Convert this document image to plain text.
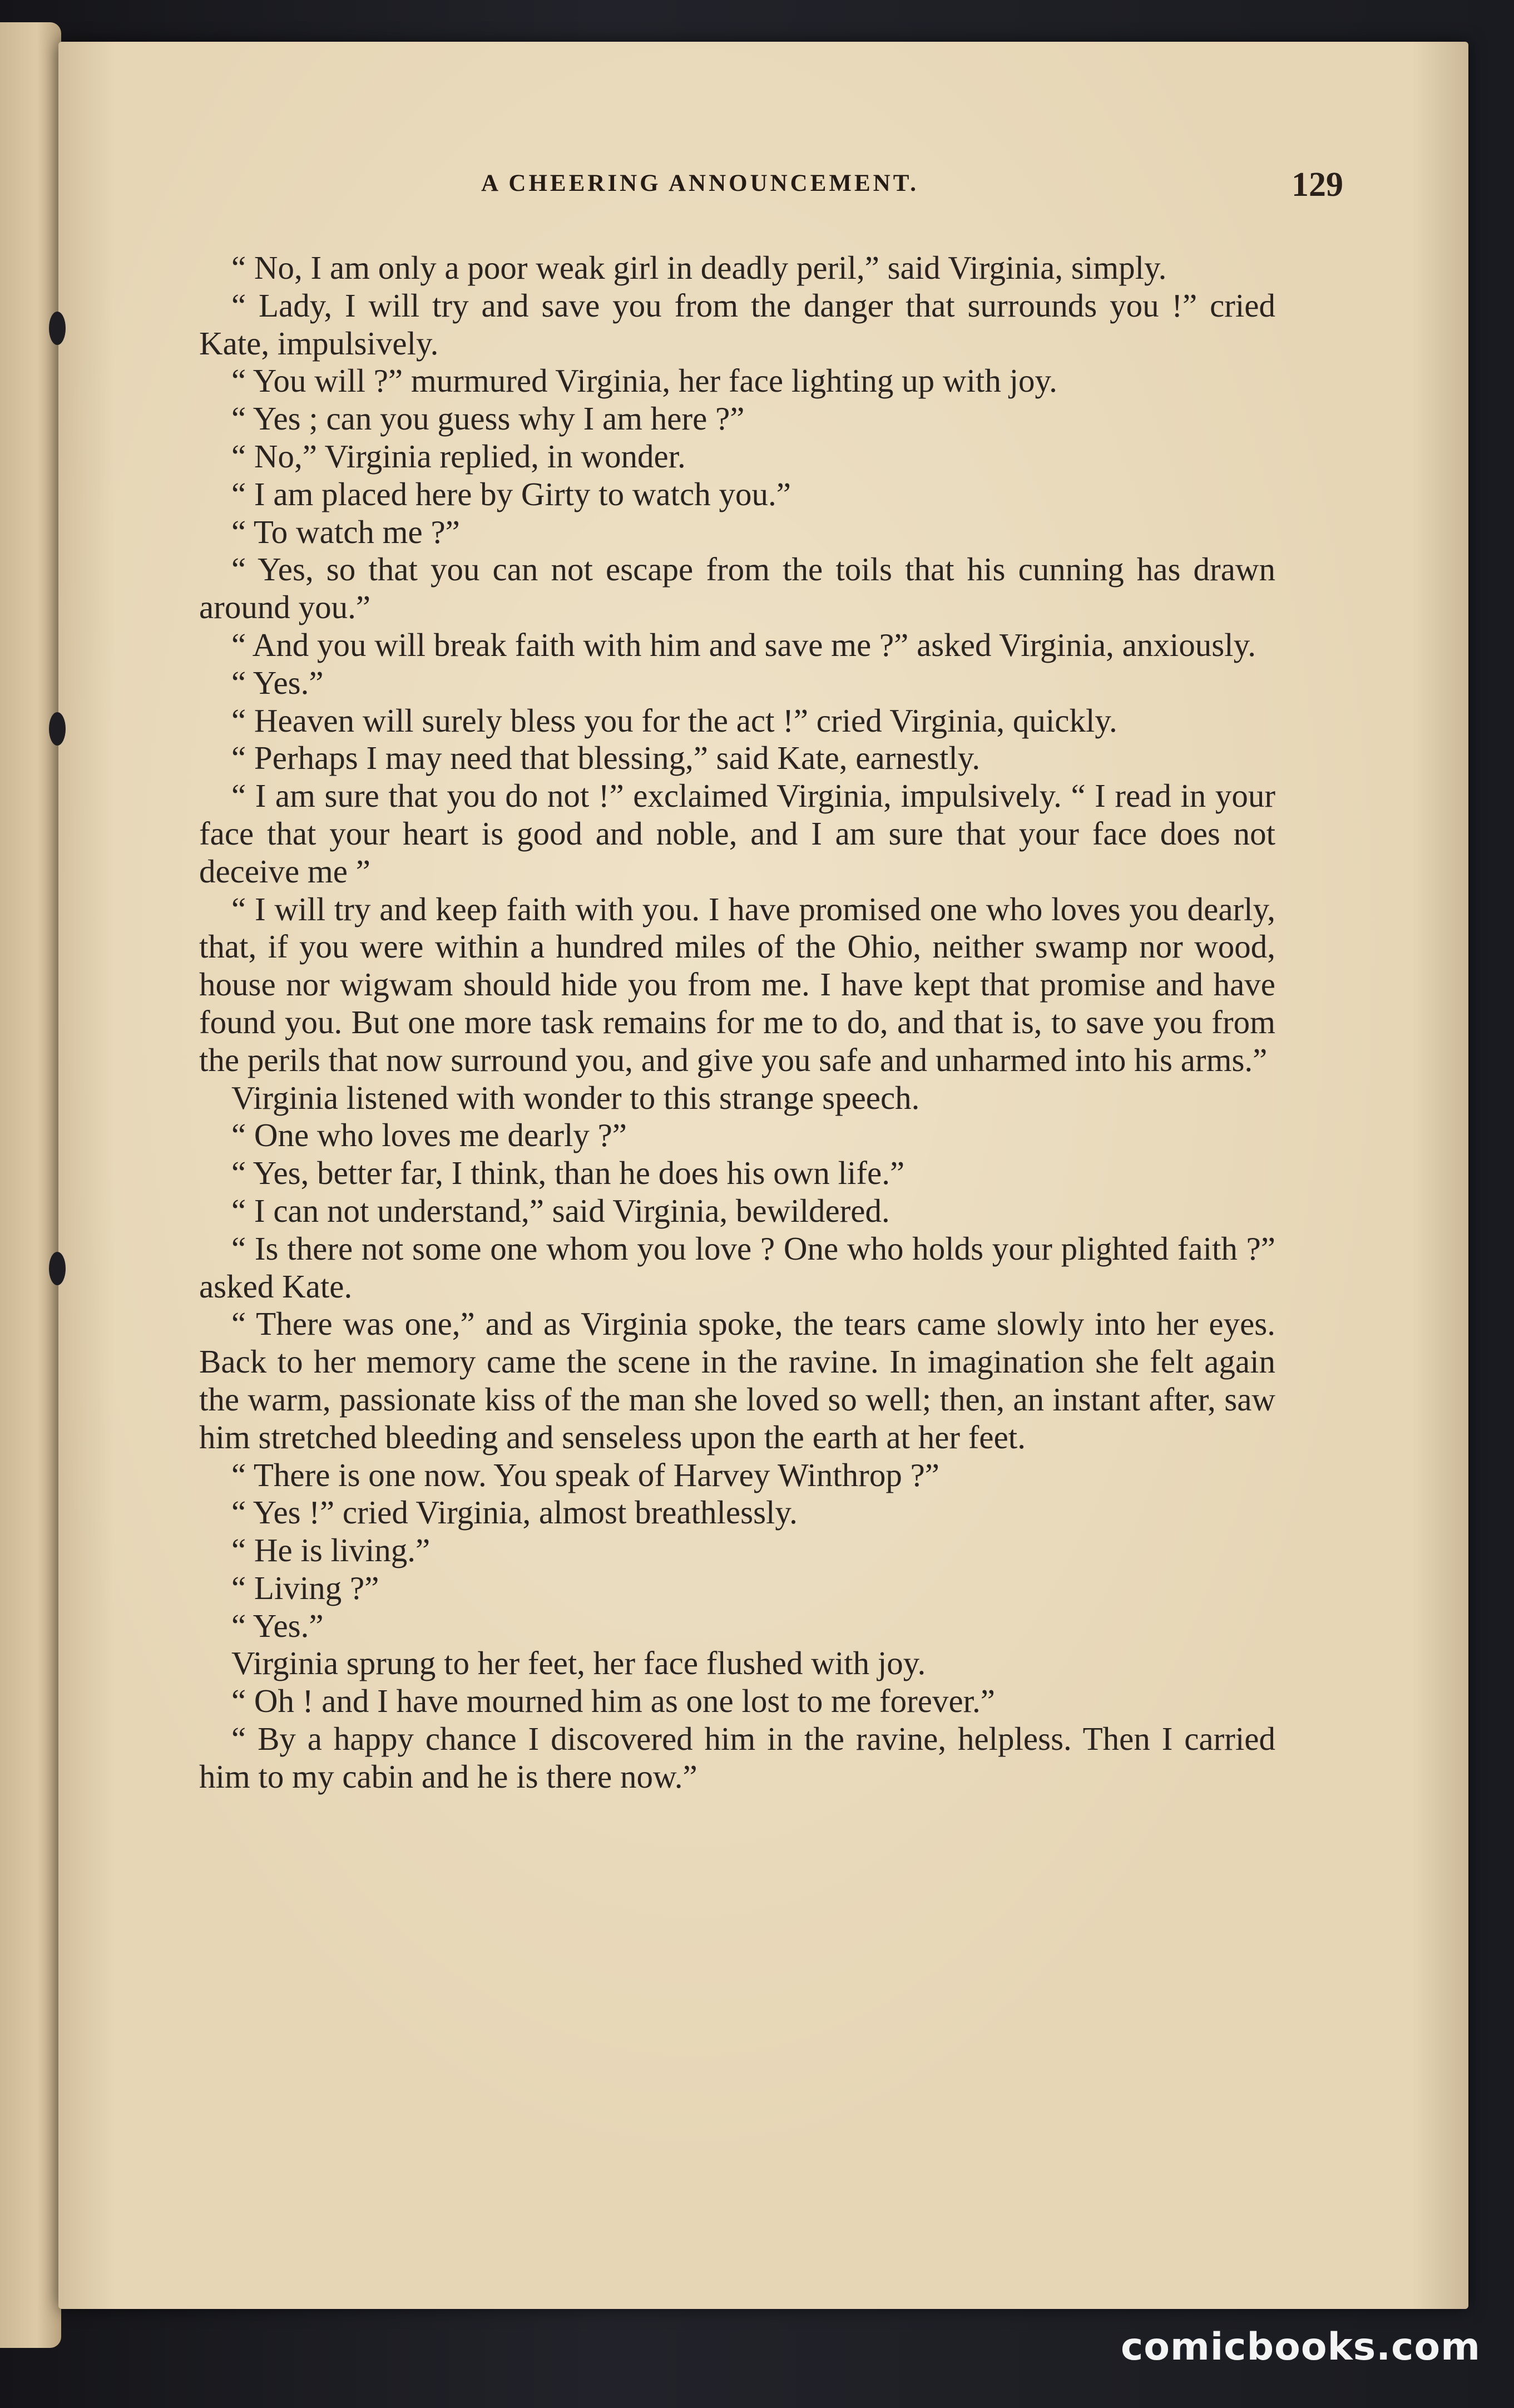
A CHEERING ANNOUNCEMENT.	129

“ No, I am only a poor weak girl in deadly peril,” said Virginia, simply.

“ Lady, I will try and save you from the danger that surrounds you !” cried Kate, impulsively.

“ You will ?” murmured Virginia, her face lighting up with joy.

“ Yes ; can you guess why I am here ?”

“ No,” Virginia replied, in wonder.

“ I am placed here by Girty to watch you.”

“ To watch me ?”

“ Yes, so that you can not escape from the toils that his cunning has drawn around you.”

“ And you will break faith with him and save me ?” asked Virginia, anxiously.

“ Yes.”

“ Heaven will surely bless you for the act !” cried Virginia, quickly.

“ Perhaps I may need that blessing,” said Kate, earnestly.

“ I am sure that you do not !” exclaimed Virginia, impulsively. “ I read in your face that your heart is good and noble, and I am sure that your face does not deceive me ”

“ I will try and keep faith with you. I have promised one who loves you dearly, that, if you were within a hundred miles of the Ohio, neither swamp nor wood, house nor wigwam should hide you from me. I have kept that promise and have found you. But one more task remains for me to do, and that is, to save you from the perils that now surround you, and give you safe and unharmed into his arms.”

Virginia listened with wonder to this strange speech.

“ One who loves me dearly ?”

“ Yes, better far, I think, than he does his own life.”

“ I can not understand,” said Virginia, bewildered.

“ Is there not some one whom you love ? One who holds your plighted faith ?” asked Kate.

“ There was one,” and as Virginia spoke, the tears came slowly into her eyes. Back to her memory came the scene in the ravine. In imagination she felt again the warm, passionate kiss of the man she loved so well; then, an instant after, saw him stretched bleeding and senseless upon the earth at her feet.

“ There is one now. You speak of Harvey Winthrop ?”

“ Yes !” cried Virginia, almost breathlessly.

“ He is living.”

“ Living ?”

“ Yes.”

Virginia sprung to her feet, her face flushed with joy.

“ Oh ! and I have mourned him as one lost to me forever.”

“ By a happy chance I discovered him in the ravine, helpless. Then I carried him to my cabin and he is there now.”

comicbooks.com
